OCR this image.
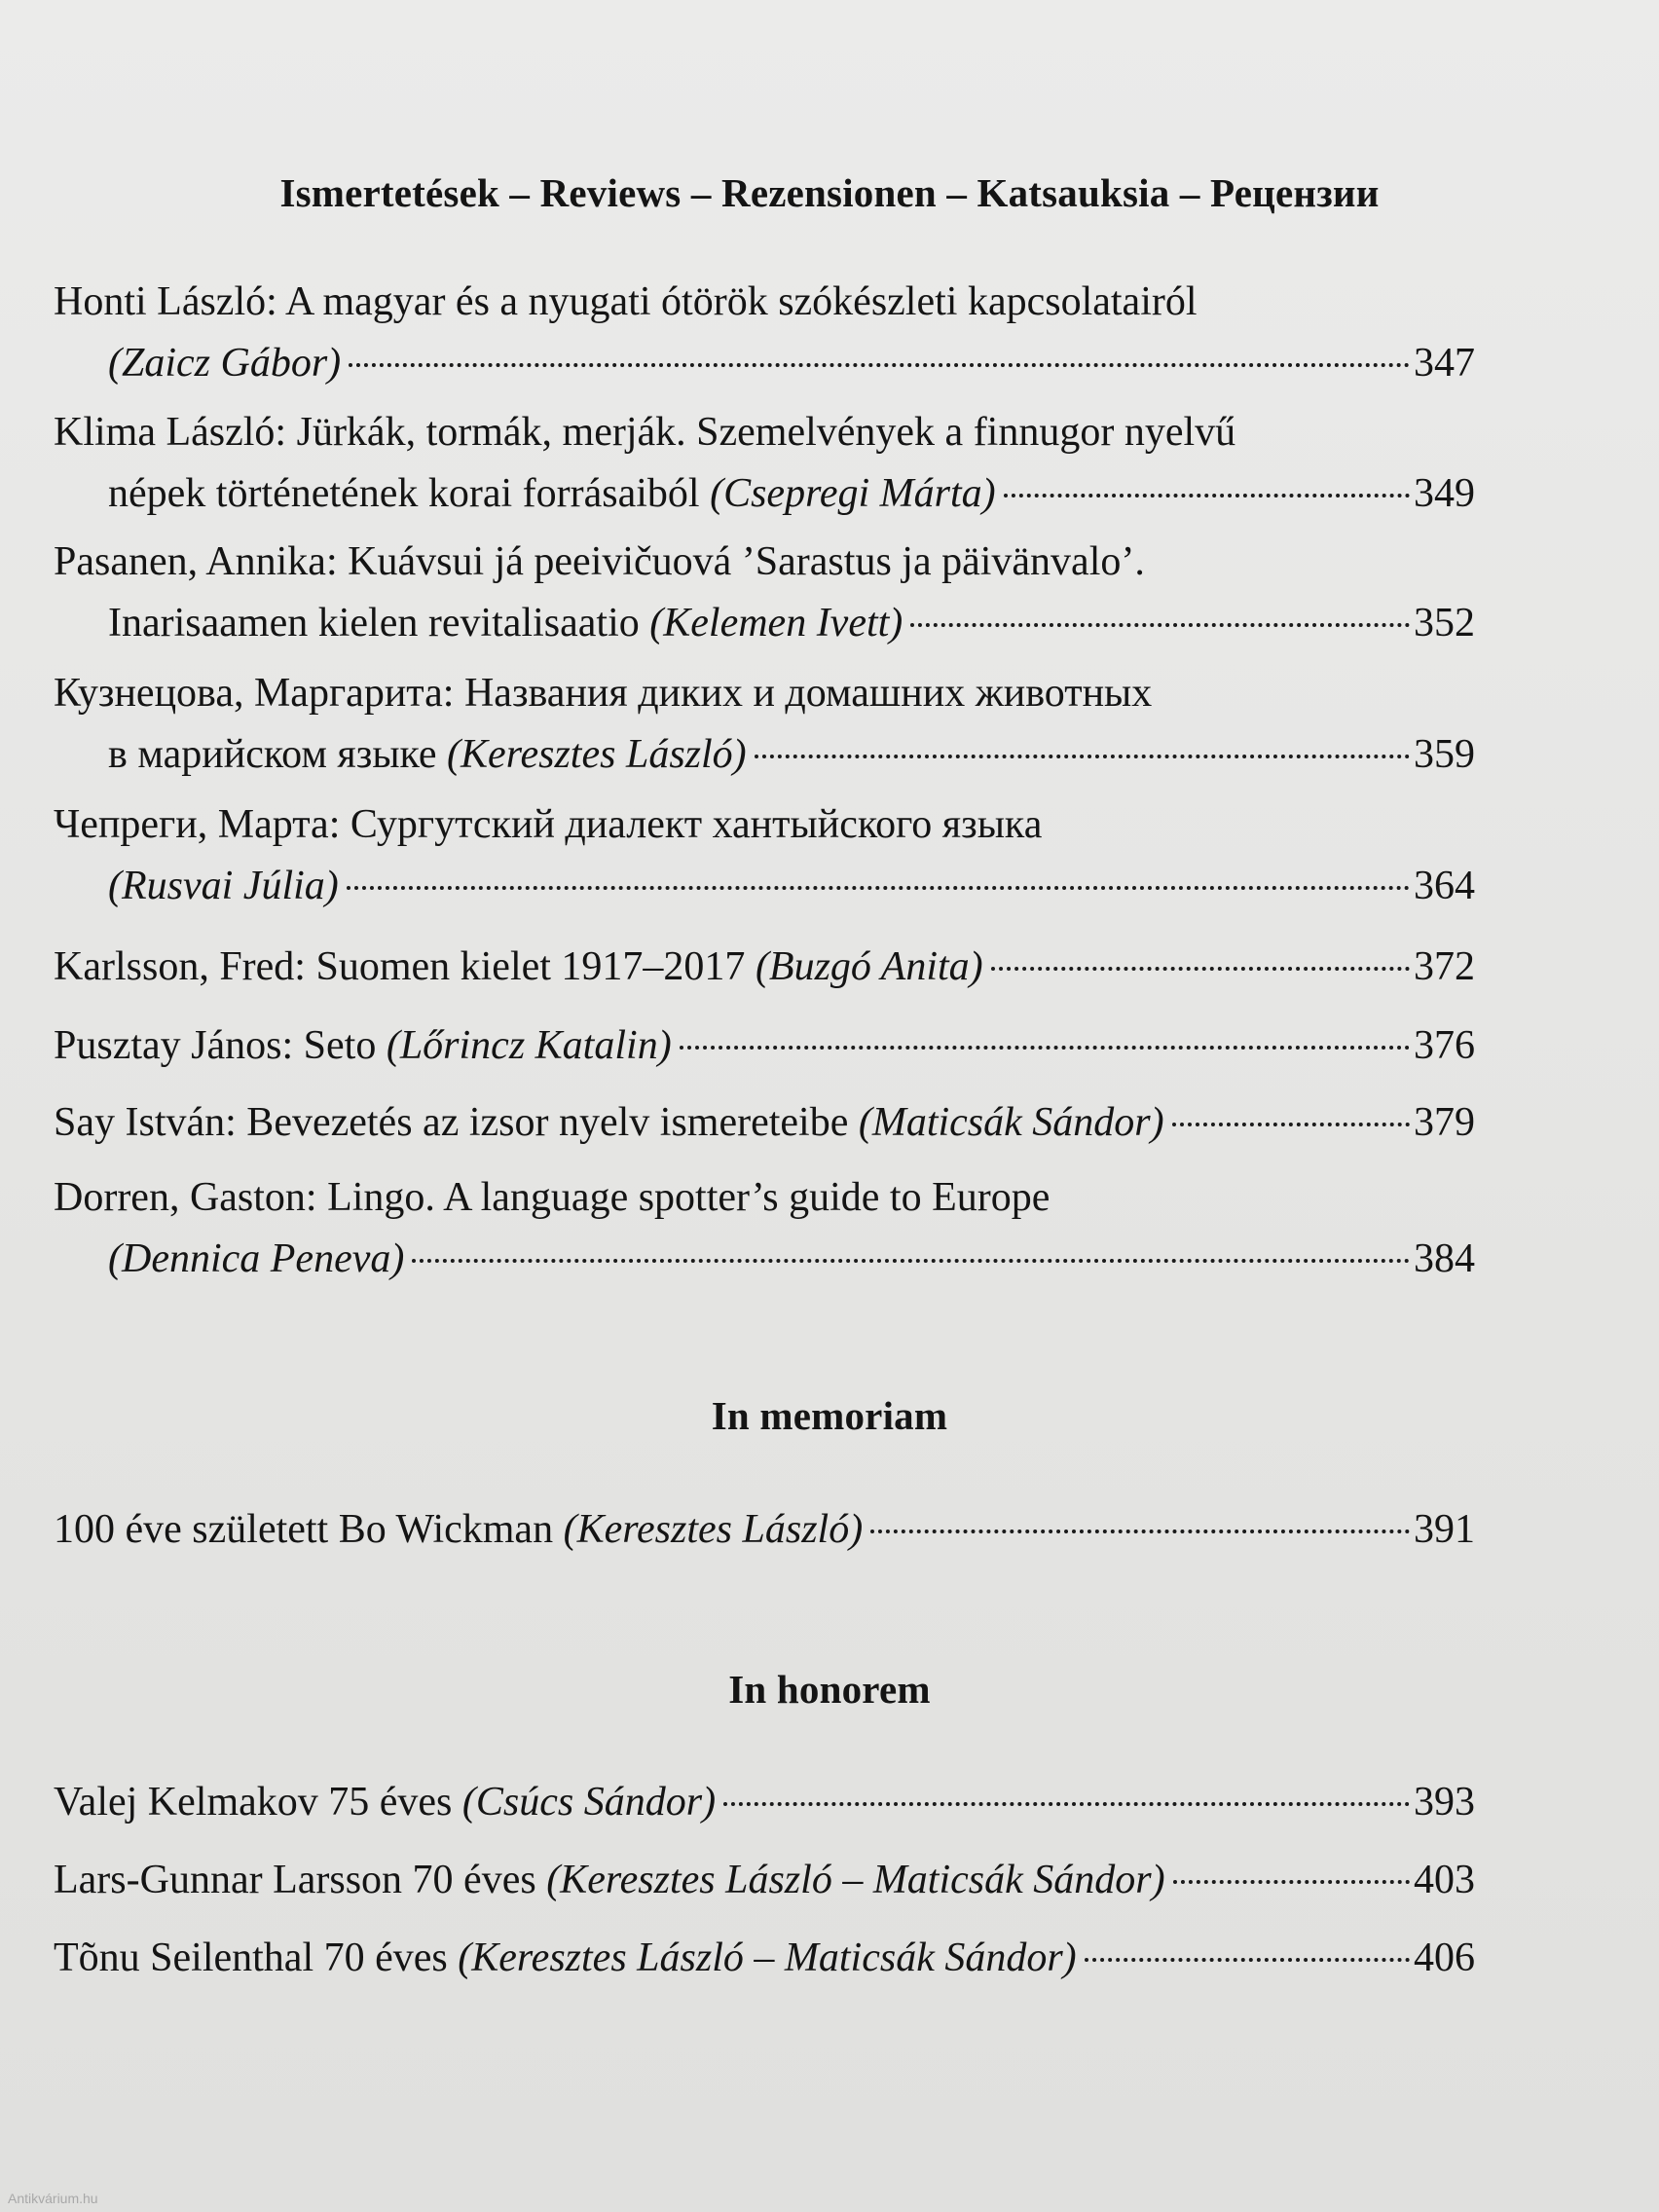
Ismertetések – Reviews – Rezensionen – Katsauksia – Рецензии
Honti László: A magyar és a nyugati ótörök szókészleti kapcsolatairól
(Zaicz Gábor)	347
Klima László: Jürkák, tormák, merják. Szemelvények a finnugor nyelvű
népek történetének korai forrásaiból (Csepregi Márta)	349
Pasanen, Annika: Kuávsui já peeivičuová ’Sarastus ja päivänvalo’.
Inarisaamen kielen revitalisaatio (Kelemen Ivett)	352
Кузнецова, Маргарита: Названия диких и домашних животных
в марийском языке (Keresztes László)	359
Чепреги, Марта: Сургутский диалект хантыйского языка
(Rusvai Júlia)	364
Karlsson, Fred: Suomen kielet 1917–2017 (Buzgó Anita)	372
Pusztay János: Seto (Lőrincz Katalin)	376
Say István: Bevezetés az izsor nyelv ismereteibe (Maticsák Sándor)	379
Dorren, Gaston: Lingo. A language spotter’s guide to Europe
(Dennica Peneva)	384
In memoriam
100 éve született Bo Wickman (Keresztes László)	391
In honorem
Valej Kelmakov 75 éves (Csúcs Sándor)	393
Lars-Gunnar Larsson 70 éves (Keresztes László – Maticsák Sándor)	403
Tõnu Seilenthal 70 éves (Keresztes László – Maticsák Sándor)	406
Antikvárium.hu
